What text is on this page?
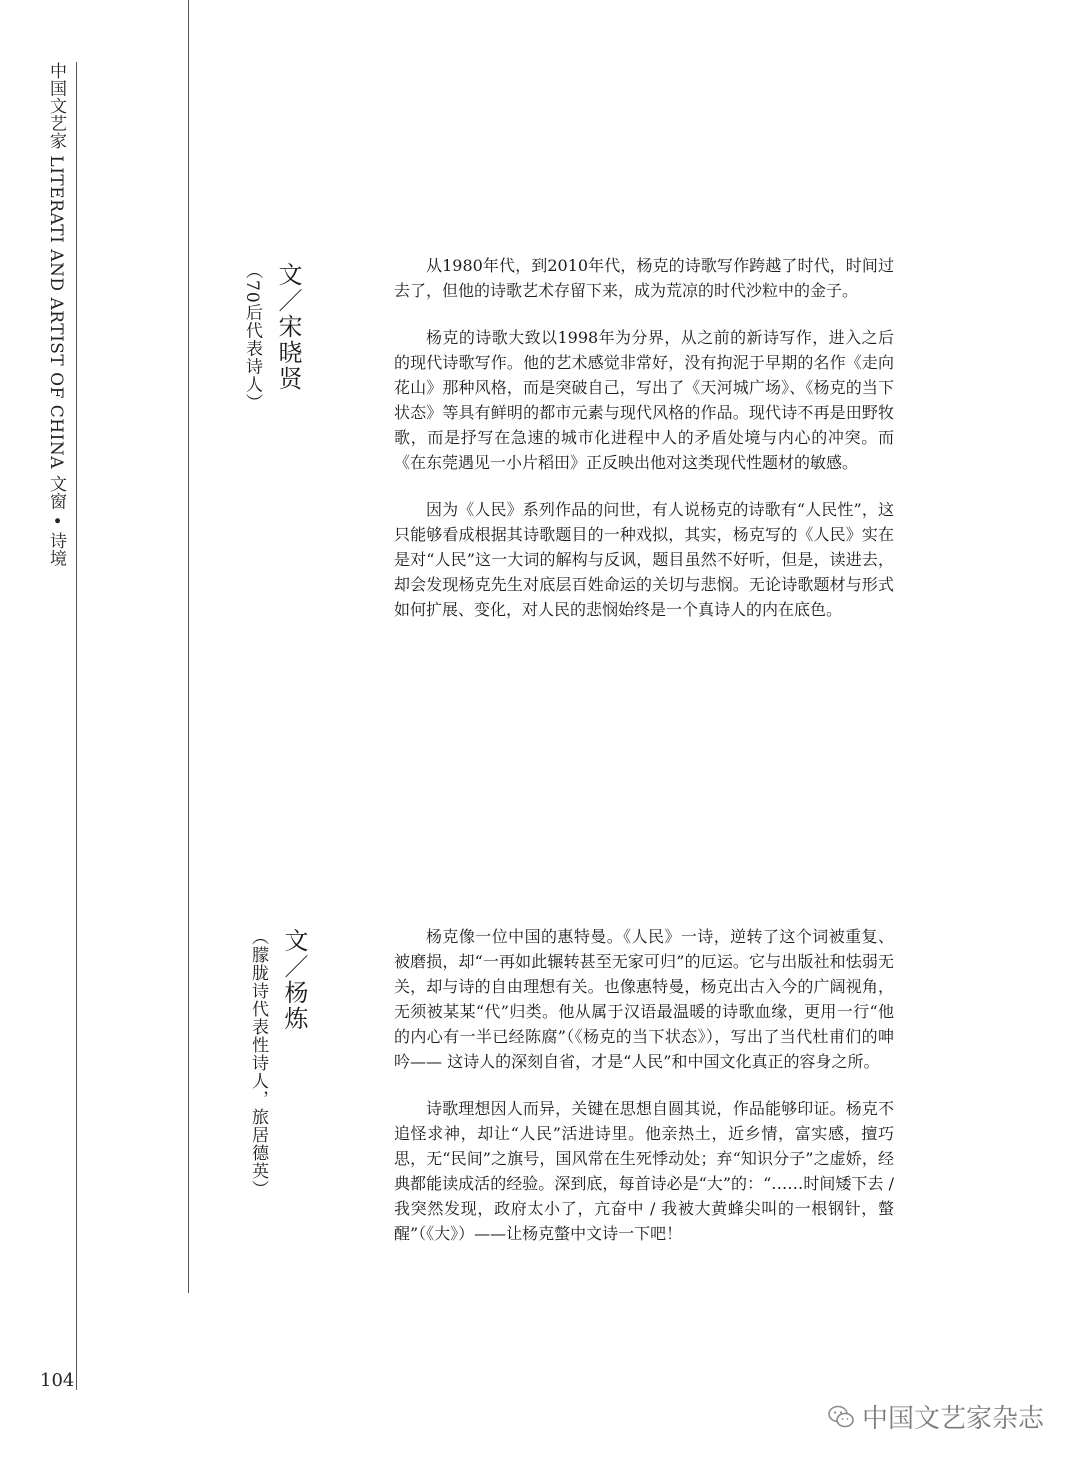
中国文艺家 LITERATI AND ARTIST OF CHINA 文窗 • 诗境
104
文／宋晓贤
（70后代表诗人）	从1980年代，到2010年代，杨克的诗歌写作跨越了时代，时间过去了，但他的诗歌艺术存留下来，成为荒凉的时代沙粒中的金子。

杨克的诗歌大致以1998年为分界，从之前的新诗写作，进入之后的现代诗歌写作。他的艺术感觉非常好，没有拘泥于早期的名作《走向花山》那种风格，而是突破自己，写出了《天河城广场》、《杨克的当下状态》等具有鲜明的都市元素与现代风格的作品。现代诗不再是田野牧歌，而是抒写在急速的城市化进程中人的矛盾处境与内心的冲突。而《在东莞遇见一小片稻田》正反映出他对这类现代性题材的敏感。

因为《人民》系列作品的问世，有人说杨克的诗歌有“人民性”，这只能够看成根据其诗歌题目的一种戏拟，其实，杨克写的《人民》实在是对“人民”这一大词的解构与反讽，题目虽然不好听，但是，读进去，却会发现杨克先生对底层百姓命运的关切与悲悯。无论诗歌题材与形式如何扩展、变化，对人民的悲悯始终是一个真诗人的内在底色。

文／杨炼
（朦胧诗代表性诗人，旅居德英）	杨克像一位中国的惠特曼。《人民》一诗，逆转了这个词被重复、被磨损，却“一再如此辗转甚至无家可归”的厄运。它与出版社和怯弱无关，却与诗的自由理想有关。也像惠特曼，杨克出古入今的广阔视角，无须被某某“代”归类。他从属于汉语最温暖的诗歌血缘，更用一行“他的内心有一半已经陈腐”（《杨克的当下状态》），写出了当代杜甫们的呻吟—— 这诗人的深刻自省，才是“人民”和中国文化真正的容身之所。

诗歌理想因人而异，关键在思想自圆其说，作品能够印证。杨克不追怪求神，却让“人民”活进诗里。他亲热土，近乡情，富实感，擅巧思，无“民间”之旗号，国风常在生死悸动处；弃“知识分子”之虚娇，经典都能读成活的经验。深到底，每首诗必是“大”的：“……时间矮下去 / 我突然发现，政府太小了，亢奋中 / 我被大黄蜂尖叫的一根钢针，螫醒”（《大》）——让杨克螫中文诗一下吧！

中国文艺家杂志
